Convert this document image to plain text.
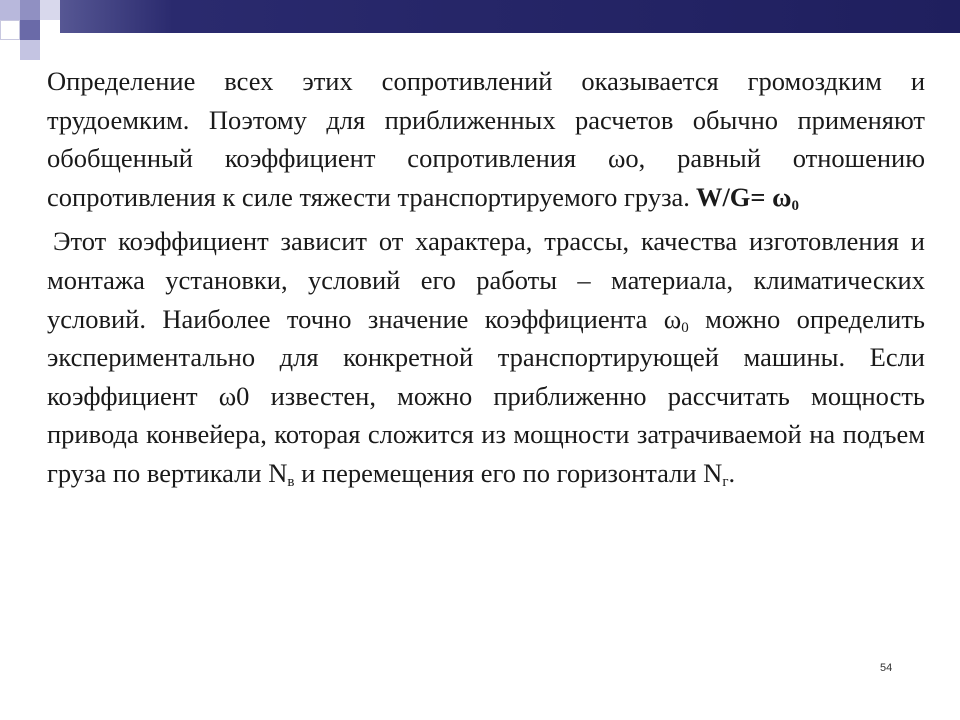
Определение всех этих сопротивлений оказывается громоздким и трудоемким. Поэтому для приближенных расчетов обычно применяют обобщенный коэффициент сопротивления ωо, равный отношению сопротивления к силе тяжести транспортируемого груза. $W/G= \omega_0$

Этот коэффициент зависит от характера, трассы, качества изготовления и монтажа установки, условий его работы – материала, климатических условий. Наиболее точно значение коэффициента $\omega_0$ можно определить экспериментально для конкретной транспортирующей машины. Если коэффициент ω0 известен, можно приближенно рассчитать мощность привода конвейера, которая сложится из мощности затрачиваемой на подъем груза по вертикали $N_в$ и перемещения его по горизонтали $N_г$.

54
